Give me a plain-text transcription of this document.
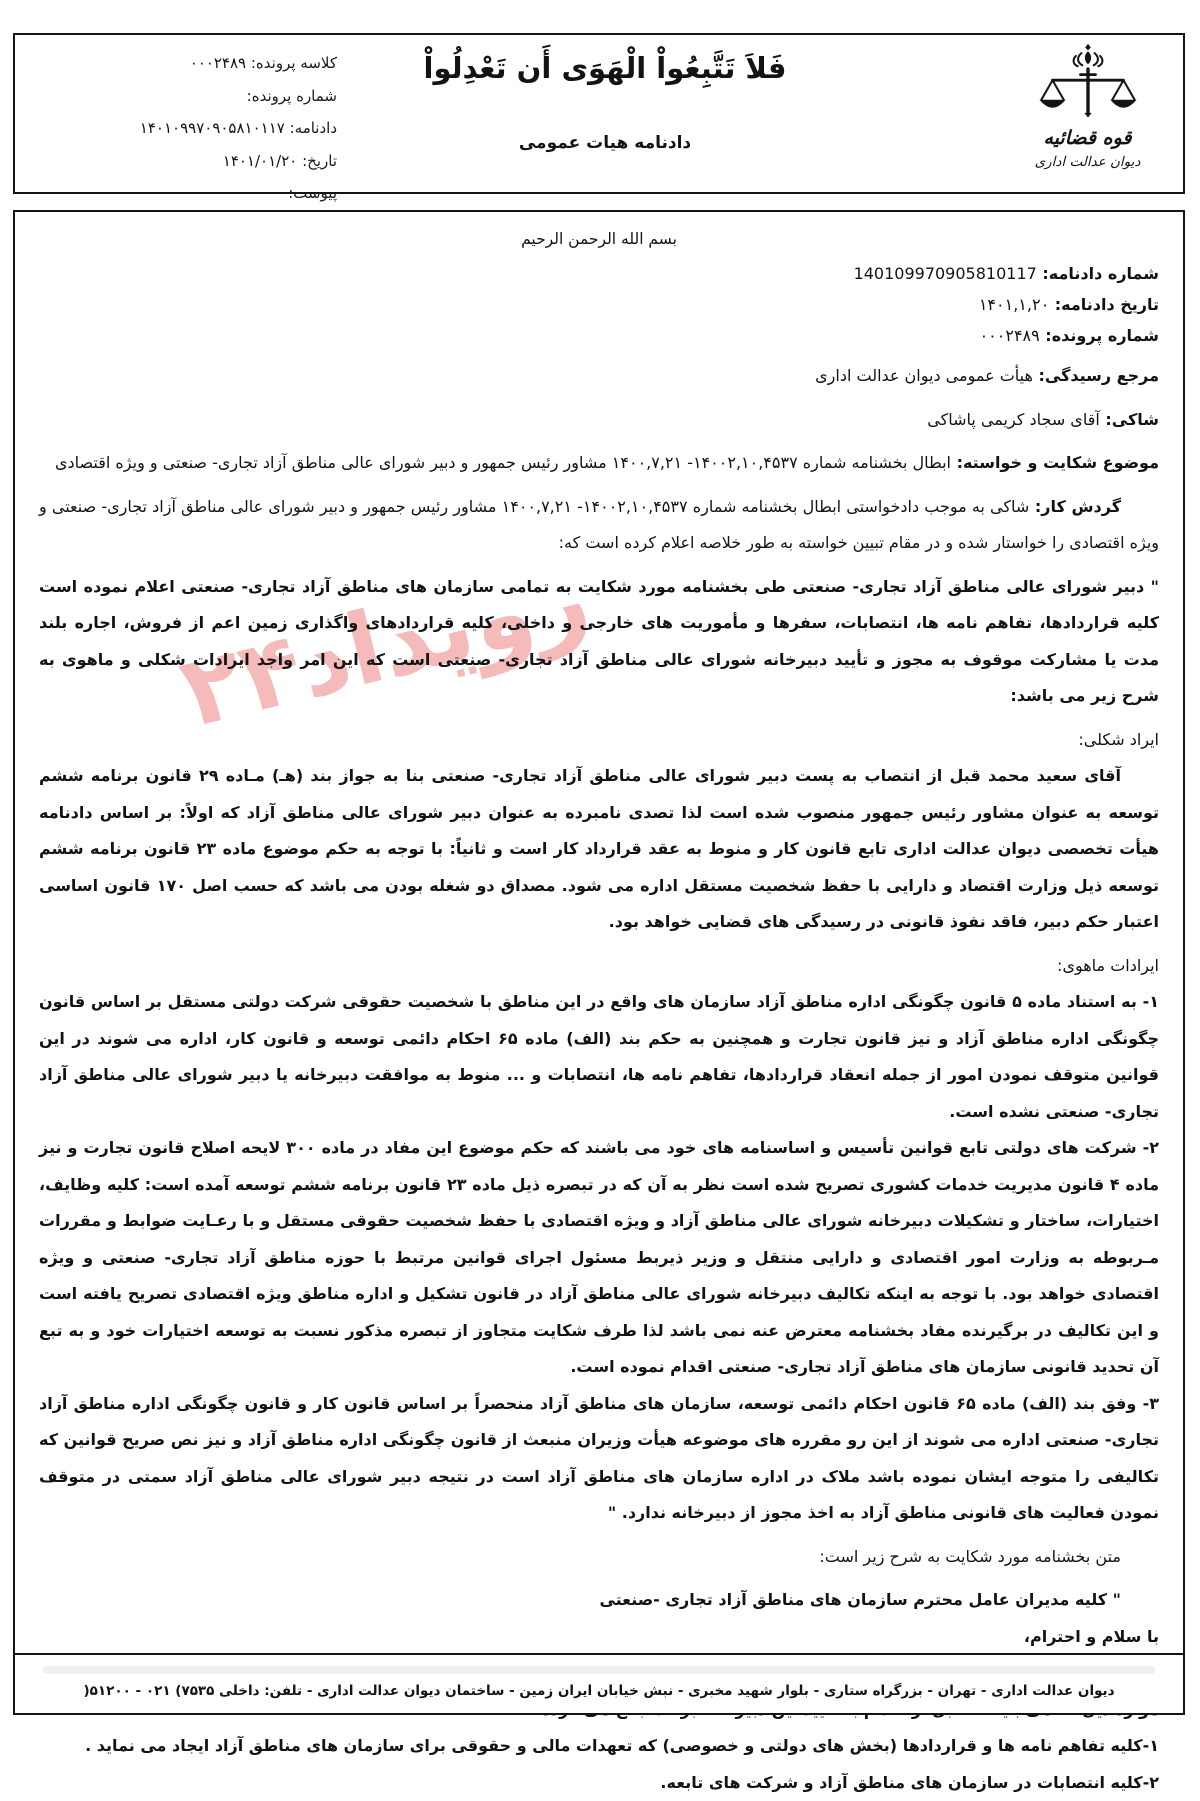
كلاسه پرونده: ۰۰۰۲۴۸۹
شماره پرونده:
دادنامه: ۱۴۰۱۰۹۹۷۰۹۰۵۸۱۰۱۱۷
تاریخ: ۱۴۰۱/۰۱/۲۰
پیوست:
فَلاَ تَتَّبِعُواْ الْهَوَى أَن تَعْدِلُواْ
دادنامه هیات عمومی	قوه قضائیه
دیوان عدالت اداری
رویداد۲۴
بسم الله الرحمن الرحیم
شماره دادنامه: 140109970905810117
تاریخ دادنامه: ۱۴۰۱,۱,۲۰
شماره پرونده: ۰۰۰۲۴۸۹

مرجع رسیدگی: هیأت عمومی دیوان عدالت اداری

شاکی: آقای سجاد کریمی پاشاکی

موضوع شکایت و خواسته: ابطال بخشنامه شماره ۱۴۰۰۲,۱۰,۴۵۳۷- ۱۴۰۰,۷,۲۱ مشاور رئیس جمهور و دبیر شورای عالی مناطق آزاد تجاری- صنعتی و ویژه اقتصادی

گردش کار: شاکی به موجب دادخواستی ابطال بخشنامه شماره ۱۴۰۰۲,۱۰,۴۵۳۷- ۱۴۰۰,۷,۲۱ مشاور رئیس جمهور و دبیر شورای عالی مناطق آزاد تجاری- صنعتی و ویژه اقتصادی را خواستار شده و در مقام تبیین خواسته به طور خلاصه اعلام کرده است که:

" دبیر شورای عالی مناطق آزاد تجاری- صنعتی طی بخشنامه مورد شکایت به تمامی سازمان های مناطق آزاد تجاری- صنعتی اعلام نموده است کلیه قراردادها، تفاهم نامه ها، انتصابات، سفرها و مأموریت های خارجی و داخلی، کلیه قراردادهای واگذاری زمین اعم از فروش، اجاره بلند مدت یا مشارکت موقوف به مجوز و تأیید دبیرخانه شورای عالی مناطق آزاد تجاری- صنعتی است که این امر واجد ایرادات شکلی و ماهوی به شرح زیر می باشد:

ایراد شکلی:

آقای سعید محمد قبل از انتصاب به پست دبیر شورای عالی مناطق آزاد تجاری- صنعتی بنا به جواز بند (هـ) مـاده ۲۹ قانون برنامه ششم توسعه به عنوان مشاور رئیس جمهور منصوب شده است لذا تصدی نامبرده به عنوان دبیر شورای عالی مناطق آزاد که اولاً: بر اساس دادنامه هیأت تخصصی دیوان عدالت اداری تابع قانون کار و منوط به عقد قرارداد کار است و ثانیاً: با توجه به حکم موضوع ماده ۲۳ قانون برنامه ششم توسعه ذیل وزارت اقتصاد و دارایی با حفظ شخصیت مستقل اداره می شود. مصداق دو شغله بودن می باشد که حسب اصل ۱۷۰ قانون اساسی اعتبار حکم دبیر، فاقد نفوذ قانونی در رسیدگی های قضایی خواهد بود.

ایرادات ماهوی:

۱- به استناد ماده ۵ قانون چگونگی اداره مناطق آزاد سازمان های واقع در این مناطق با شخصیت حقوقی شرکت دولتی مستقل بر اساس قانون چگونگی اداره مناطق آزاد و نیز قانون تجارت و همچنین به حکم بند (الف) ماده ۶۵ احکام دائمی توسعه و قانون کار، اداره می شوند در این قوانین متوقف نمودن امور از جمله انعقاد قراردادها، تفاهم نامه ها، انتصابات و ... منوط به موافقت دبیرخانه یا دبیر شورای عالی مناطق آزاد تجاری- صنعتی نشده است.

۲- شرکت های دولتی تابع قوانین تأسیس و اساسنامه های خود می باشند که حکم موضوع این مفاد در ماده ۳۰۰ لایحه اصلاح قانون تجارت و نیز ماده ۴ قانون مدیریت خدمات کشوری تصریح شده است نظر به آن که در تبصره ذیل ماده ۲۳ قانون برنامه ششم توسعه آمده است: کلیه وظایف، اختیارات، ساختار و تشکیلات دبیرخانه شورای عالی مناطق آزاد و ویژه اقتصادی با حفظ شخصیت حقوقی مستقل و با رعـایت ضوابط و مقررات مـربوطه به وزارت امور اقتصادی و دارایی منتقل و وزیر ذیربط مسئول اجرای قوانین مرتبط با حوزه مناطق آزاد تجاری- صنعتی و ویژه اقتصادی خواهد بود. با توجه به اینکه تکالیف دبیرخانه شورای عالی مناطق آزاد در قانون تشکیل و اداره مناطق ویژه اقتصادی تصریح یافته است و این تکالیف در برگیرنده مفاد بخشنامه معترض عنه نمی باشد لذا طرف شکایت متجاوز از تبصره مذکور نسبت به توسعه اختیارات خود و به تبع آن تحدید قانونی سازمان های مناطق آزاد تجاری- صنعتی اقدام نموده است.

۳- وفق بند (الف) ماده ۶۵ قانون احکام دائمی توسعه، سازمان های مناطق آزاد منحصراً بر اساس قانون کار و قانون چگونگی اداره مناطق آزاد تجاری- صنعتی اداره می شوند از این رو مقرره های موضوعه هیأت وزیران منبعث از قانون چگونگی اداره مناطق آزاد و نیز نص صریح قوانین که تکالیفی را متوجه ایشان نموده باشد ملاک در اداره سازمان های مناطق آزاد است در نتیجه دبیر شورای عالی مناطق آزاد سمتی در متوقف نمودن فعالیت های قانونی مناطق آزاد به اخذ مجوز از دبیرخانه ندارد. "

متن بخشنامه مورد شکایت به شرح زیر است:

" کلیه مدیران عامل محترم سازمان های مناطق آزاد تجاری -صنعتی

با سلام و احترام،

۱-کلیه تفاهم نامه ها و قراردادها (بخش های دولتی و خصوصی) که تعهدات مالی و حقوقی برای سازمان های مناطق آزاد ایجاد می نماید .

۲-کلیه انتصابات در سازمان های مناطق آزاد و شرکت های تابعه.

دیوان عدالت اداری - تهران - بزرگراه ستاری - بلوار شهید مخبری - نبش خیابان ایران زمین - ساختمان دیوان عدالت اداری - تلفن: داخلی ۷۵۳۵) ۰۲۱ - ۵۱۲۰۰(
